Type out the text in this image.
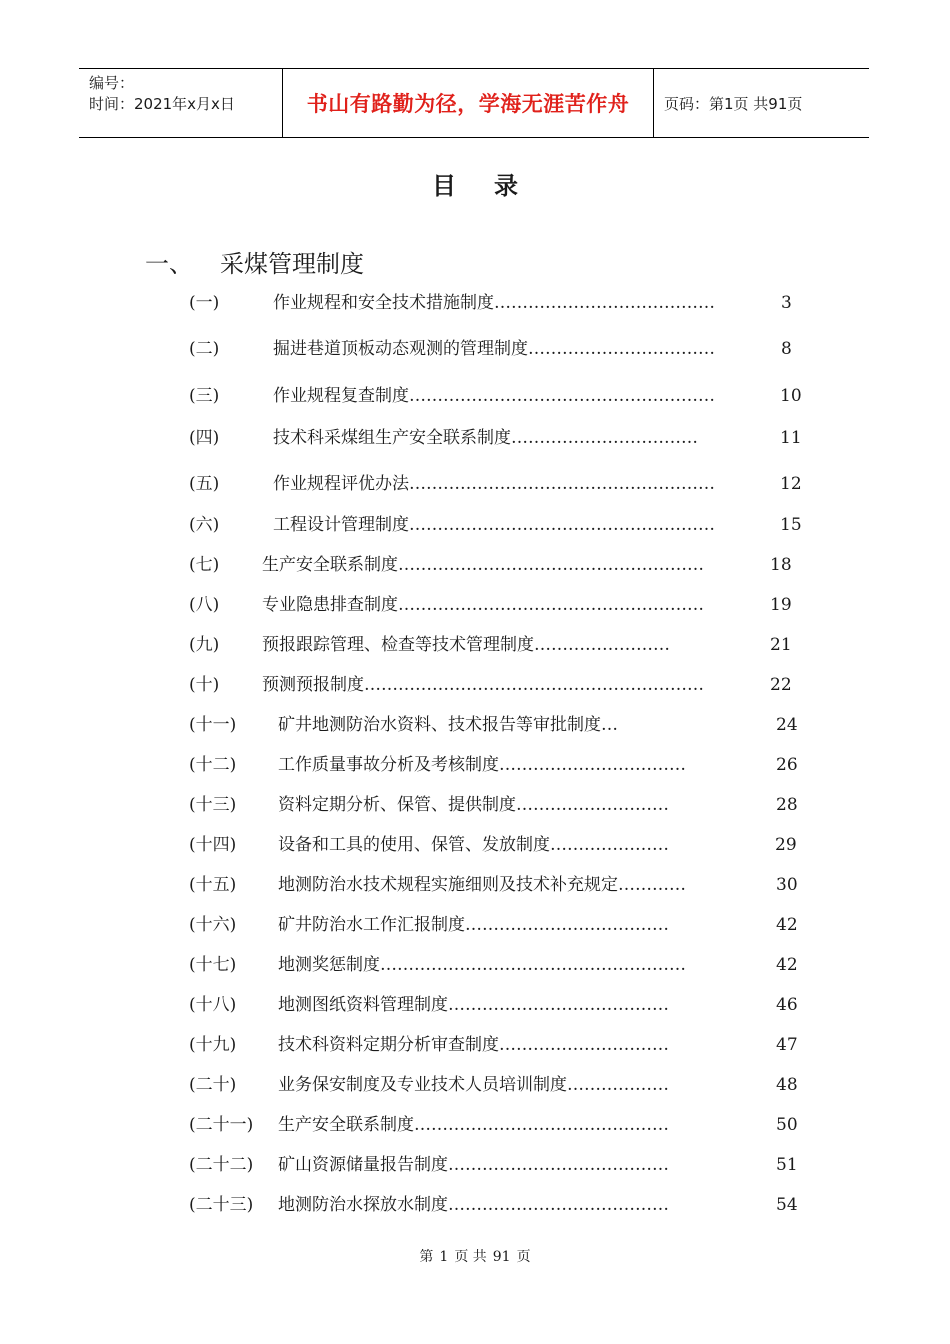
编号：
时间：2021年x月x日	书山有路勤为径，学海无涯苦作舟	页码：第1页 共91页
目录
一、 采煤管理制度
(一)	作业规程和安全技术措施制度…………………………………	3
(二)	掘进巷道顶板动态观测的管理制度……………………………	8
(三)	作业规程复查制度………………………………………………	10
(四)	技术科采煤组生产安全联系制度……………………………	11
(五)	作业规程评优办法………………………………………………	12
(六)	工程设计管理制度………………………………………………	15
(七)	生产安全联系制度………………………………………………	18
(八)	专业隐患排查制度………………………………………………	19
(九)	预报跟踪管理、检查等技术管理制度……………………	21
(十)	预测预报制度……………………………………………………	22
(十一) 矿井地测防治水资料、技术报告等审批制度…	24
(十二) 工作质量事故分析及考核制度……………………………	26
(十三) 资料定期分析、保管、提供制度………………………	28
(十四) 设备和工具的使用、保管、发放制度…………………	29
(十五) 地测防治水技术规程实施细则及技术补充规定…………	30
(十六) 矿井防治水工作汇报制度………………………………	42
(十七) 地测奖惩制度………………………………………………	42
(十八) 地测图纸资料管理制度…………………………………	46
(十九) 技术科资料定期分析审查制度…………………………	47
(二十) 业务保安制度及专业技术人员培训制度………………	48
(二十一) 生产安全联系制度………………………………………	50
(二十二) 矿山资源储量报告制度…………………………………	51
(二十三) 地测防治水探放水制度…………………………………	54
第 1 页 共 91 页
